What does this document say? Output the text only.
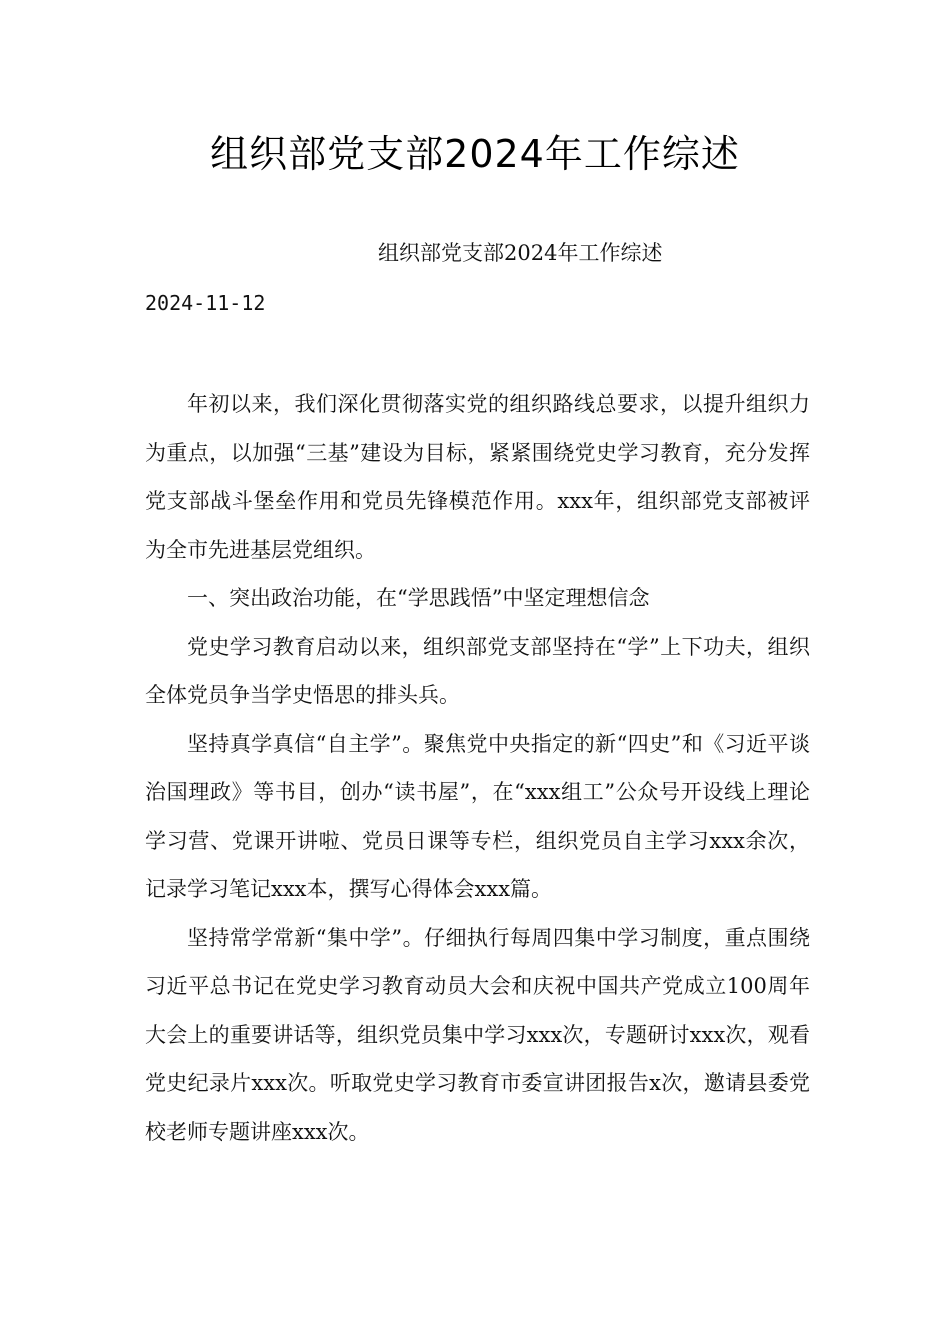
组织部党支部2024年工作综述

组织部党支部2024年工作综述

2024-11-12

年初以来，我们深化贯彻落实党的组织路线总要求，以提升组织力为重点，以加强“三基”建设为目标，紧紧围绕党史学习教育，充分发挥党支部战斗堡垒作用和党员先锋模范作用。xxx年，组织部党支部被评为全市先进基层党组织。

一、突出政治功能，在“学思践悟”中坚定理想信念

党史学习教育启动以来，组织部党支部坚持在“学”上下功夫，组织全体党员争当学史悟思的排头兵。

坚持真学真信“自主学”。聚焦党中央指定的新“四史”和《习近平谈治国理政》等书目，创办“读书屋”，在“xxx组工”公众号开设线上理论学习营、党课开讲啦、党员日课等专栏，组织党员自主学习xxx余次，记录学习笔记xxx本，撰写心得体会xxx篇。

坚持常学常新“集中学”。仔细执行每周四集中学习制度，重点围绕习近平总书记在党史学习教育动员大会和庆祝中国共产党成立100周年大会上的重要讲话等，组织党员集中学习xxx次，专题研讨xxx次，观看党史纪录片xxx次。听取党史学习教育市委宣讲团报告x次，邀请县委党校老师专题讲座xxx次。
